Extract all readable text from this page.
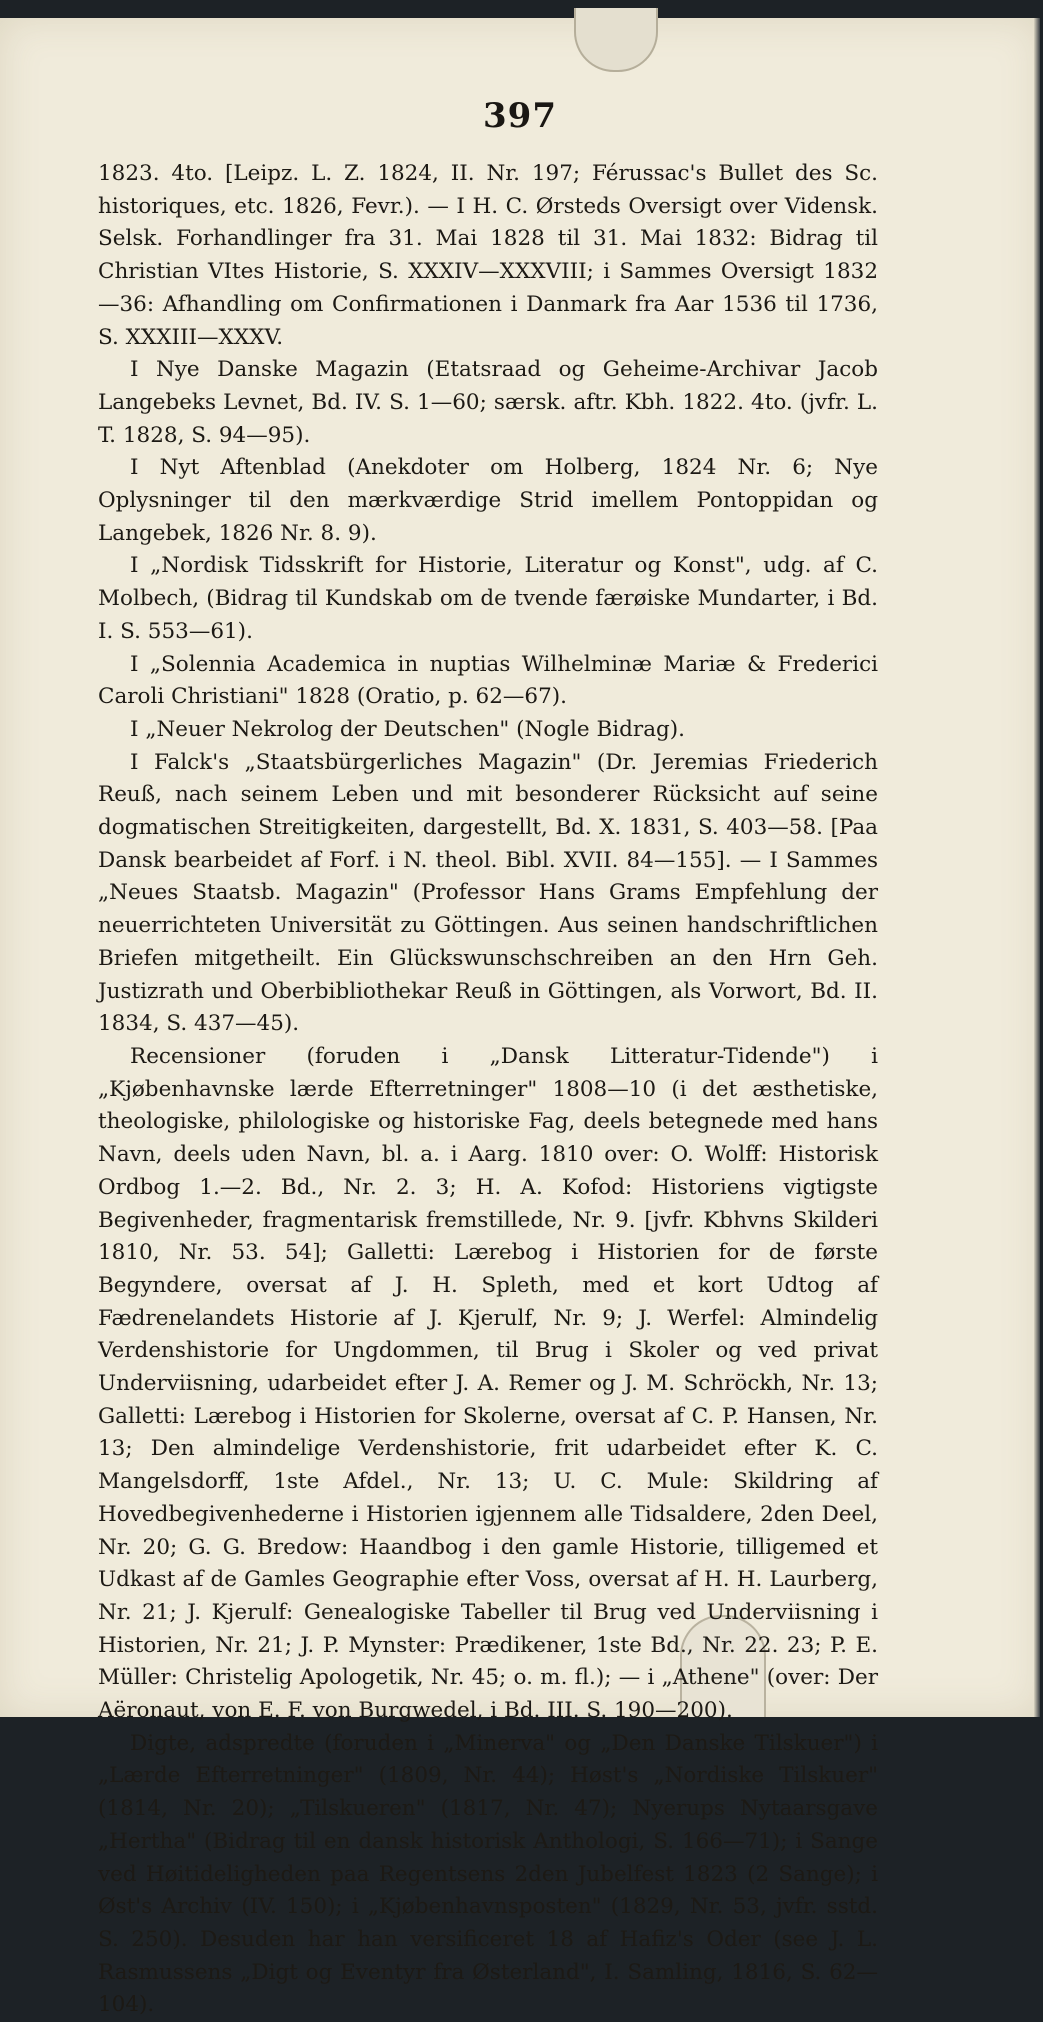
397

1823. 4to. [Leipz. L. Z. 1824, II. Nr. 197; Férussac's Bullet des Sc. historiques, etc. 1826, Fevr.). — I H. C. Ørsteds Oversigt over Vidensk. Selsk. Forhandlinger fra 31. Mai 1828 til 31. Mai 1832: Bidrag til Christian VItes Historie, S. XXXIV—XXXVIII; i Sammes Oversigt 1832—36: Afhandling om Confirmationen i Danmark fra Aar 1536 til 1736, S. XXXIII—XXXV.

I Nye Danske Magazin (Etatsraad og Geheime-Archivar Jacob Langebeks Levnet, Bd. IV. S. 1—60; særsk. aftr. Kbh. 1822. 4to. (jvfr. L. T. 1828, S. 94—95).

I Nyt Aftenblad (Anekdoter om Holberg, 1824 Nr. 6; Nye Oplysninger til den mærkværdige Strid imellem Pontoppidan og Langebek, 1826 Nr. 8. 9).

I „Nordisk Tidsskrift for Historie, Literatur og Konst", udg. af C. Molbech, (Bidrag til Kundskab om de tvende færøiske Mundarter, i Bd. I. S. 553—61).

I „Solennia Academica in nuptias Wilhelminæ Mariæ & Frederici Caroli Christiani" 1828 (Oratio, p. 62—67).

I „Neuer Nekrolog der Deutschen" (Nogle Bidrag).

I Falck's „Staatsbürgerliches Magazin" (Dr. Jeremias Friederich Reuß, nach seinem Leben und mit besonderer Rücksicht auf seine dogmatischen Streitigkeiten, dargestellt, Bd. X. 1831, S. 403—58. [Paa Dansk bearbeidet af Forf. i N. theol. Bibl. XVII. 84—155]. — I Sammes „Neues Staatsb. Magazin" (Professor Hans Grams Empfehlung der neuerrichteten Universität zu Göttingen. Aus seinen handschriftlichen Briefen mitgetheilt. Ein Glückswunschschreiben an den Hrn Geh. Justizrath und Oberbibliothekar Reuß in Göttingen, als Vorwort, Bd. II. 1834, S. 437—45).

Recensioner (foruden i „Dansk Litteratur-Tidende") i „Kjøbenhavnske lærde Efterretninger" 1808—10 (i det æsthetiske, theologiske, philologiske og historiske Fag, deels betegnede med hans Navn, deels uden Navn, bl. a. i Aarg. 1810 over: O. Wolff: Historisk Ordbog 1.—2. Bd., Nr. 2. 3; H. A. Kofod: Historiens vigtigste Begivenheder, fragmentarisk fremstillede, Nr. 9. [jvfr. Kbhvns Skilderi 1810, Nr. 53. 54]; Galletti: Lærebog i Historien for de første Begyndere, oversat af J. H. Spleth, med et kort Udtog af Fædrenelandets Historie af J. Kjerulf, Nr. 9; J. Werfel: Almindelig Verdenshistorie for Ungdommen, til Brug i Skoler og ved privat Underviisning, udarbeidet efter J. A. Remer og J. M. Schröckh, Nr. 13; Galletti: Lærebog i Historien for Skolerne, oversat af C. P. Hansen, Nr. 13; Den almindelige Verdenshistorie, frit udarbeidet efter K. C. Mangelsdorff, 1ste Afdel., Nr. 13; U. C. Mule: Skildring af Hovedbegivenhederne i Historien igjennem alle Tidsaldere, 2den Deel, Nr. 20; G. G. Bredow: Haandbog i den gamle Historie, tilligemed et Udkast af de Gamles Geographie efter Voss, oversat af H. H. Laurberg, Nr. 21; J. Kjerulf: Genealogiske Tabeller til Brug ved Underviisning i Historien, Nr. 21; J. P. Mynster: Prædikener, 1ste Bd., Nr. 22. 23; P. E. Müller: Christelig Apologetik, Nr. 45; o. m. fl.); — i „Athene" (over: Der Aëronaut, von E. F. von Burgwedel, i Bd. III. S. 190—200).

Digte, adspredte (foruden i „Minerva" og „Den Danske Tilskuer") i „Lærde Efterretninger" (1809, Nr. 44); Høst's „Nordiske Tilskuer" (1814, Nr. 20); „Tilskueren" (1817, Nr. 47); Nyerups Nytaarsgave „Hertha" (Bidrag til en dansk historisk Anthologi, S. 166—71); i Sange ved Høitideligheden paa Regentsens 2den Jubelfest 1823 (2 Sange); i Øst's Archiv (IV. 150); i „Kjøbenhavnsposten" (1829, Nr. 53, jvfr. sstd. S. 250). Desuden har han versificeret 18 af Hafiz's Oder (see J. L. Rasmussens „Digt og Eventyr fra Østerland", I. Samling, 1816, S. 62—104).
